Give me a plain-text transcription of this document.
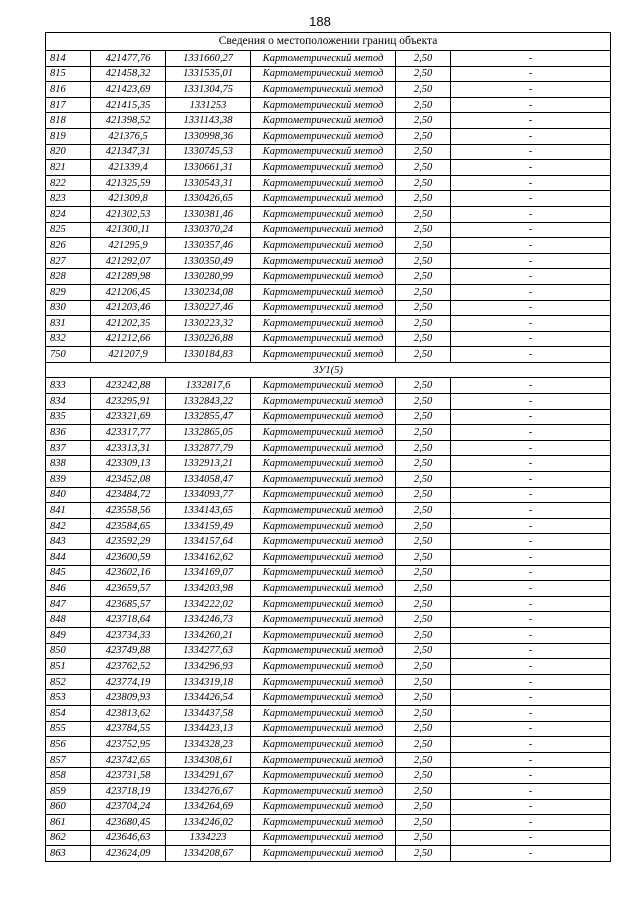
188
Сведения о местоположении границ объекта					
814	421477,76	1331660,27	Картометрический метод	2,50	-
815	421458,32	1331535,01	Картометрический метод	2,50	-
816	421423,69	1331304,75	Картометрический метод	2,50	-
817	421415,35	1331253	Картометрический метод	2,50	-
818	421398,52	1331143,38	Картометрический метод	2,50	-
819	421376,5	1330998,36	Картометрический метод	2,50	-
820	421347,31	1330745,53	Картометрический метод	2,50	-
821	421339,4	1330661,31	Картометрический метод	2,50	-
822	421325,59	1330543,31	Картометрический метод	2,50	-
823	421309,8	1330426,65	Картометрический метод	2,50	-
824	421302,53	1330381,46	Картометрический метод	2,50	-
825	421300,11	1330370,24	Картометрический метод	2,50	-
826	421295,9	1330357,46	Картометрический метод	2,50	-
827	421292,07	1330350,49	Картометрический метод	2,50	-
828	421289,98	1330280,99	Картометрический метод	2,50	-
829	421206,45	1330234,08	Картометрический метод	2,50	-
830	421203,46	1330227,46	Картометрический метод	2,50	-
831	421202,35	1330223,32	Картометрический метод	2,50	-
832	421212,66	1330226,88	Картометрический метод	2,50	-
750	421207,9	1330184,83	Картометрический метод	2,50	-
ЗУ1(5)					
833	423242,88	1332817,6	Картометрический метод	2,50	-
834	423295,91	1332843,22	Картометрический метод	2,50	-
835	423321,69	1332855,47	Картометрический метод	2,50	-
836	423317,77	1332865,05	Картометрический метод	2,50	-
837	423313,31	1332877,79	Картометрический метод	2,50	-
838	423309,13	1332913,21	Картометрический метод	2,50	-
839	423452,08	1334058,47	Картометрический метод	2,50	-
840	423484,72	1334093,77	Картометрический метод	2,50	-
841	423558,56	1334143,65	Картометрический метод	2,50	-
842	423584,65	1334159,49	Картометрический метод	2,50	-
843	423592,29	1334157,64	Картометрический метод	2,50	-
844	423600,59	1334162,62	Картометрический метод	2,50	-
845	423602,16	1334169,07	Картометрический метод	2,50	-
846	423659,57	1334203,98	Картометрический метод	2,50	-
847	423685,57	1334222,02	Картометрический метод	2,50	-
848	423718,64	1334246,73	Картометрический метод	2,50	-
849	423734,33	1334260,21	Картометрический метод	2,50	-
850	423749,88	1334277,63	Картометрический метод	2,50	-
851	423762,52	1334296,93	Картометрический метод	2,50	-
852	423774,19	1334319,18	Картометрический метод	2,50	-
853	423809,93	1334426,54	Картометрический метод	2,50	-
854	423813,62	1334437,58	Картометрический метод	2,50	-
855	423784,55	1334423,13	Картометрический метод	2,50	-
856	423752,95	1334328,23	Картометрический метод	2,50	-
857	423742,65	1334308,61	Картометрический метод	2,50	-
858	423731,58	1334291,67	Картометрический метод	2,50	-
859	423718,19	1334276,67	Картометрический метод	2,50	-
860	423704,24	1334264,69	Картометрический метод	2,50	-
861	423680,45	1334246,02	Картометрический метод	2,50	-
862	423646,63	1334223	Картометрический метод	2,50	-
863	423624,09	1334208,67	Картометрический метод	2,50	-
